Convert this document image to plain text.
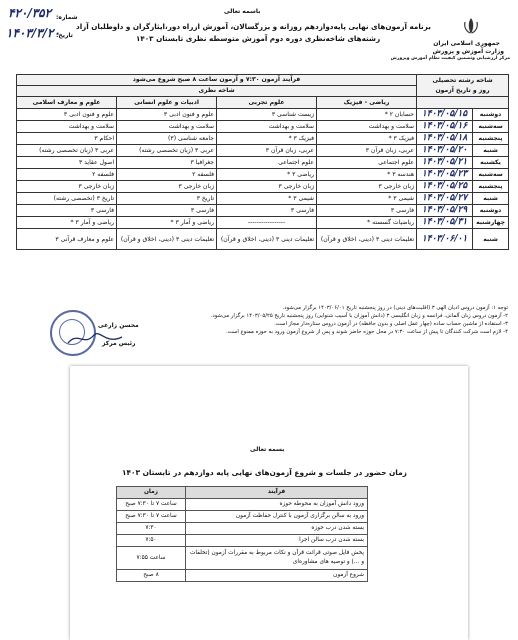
باسمه تعالی
جمهوری اسلامی ایران
وزارت آموزش و پرورش
مرکز ارزشیابی وتضمین کیفیت نظام آموزش وپرورش
شماره:
۴۲۰/۳۵۲
تاریخ:
۱۴۰۳/۳/۲۰ برنامه آزمون‌های نهایی پایه‌دوازدهم روزانه و بزرگسالان، آموزش ازراه دور،ایثارگران و داوطلبان آزاد
رشته‌های شاخه‌نظری دوره دوم آموزش متوسطه نظری تابستان ۱۴۰۳
شاخه رشته تحصیلی
روز و تاریخ آزمون		فرآیند آزمون ۷:۳۰ و آزمون ساعت ۸ صبح شروع می‌شود			
		شاخه نظری			
		ریاضی - فیزیک	علوم تجربی	ادبیات و علوم انسانی	علوم و معارف اسلامی
دوشنبه	۱۴۰۳/۰۵/۱۵	حسابان ۲ *	زیست شناسی ۳	علوم و فنون ادبی ۳	علوم و فنون ادبی ۳
سه‌شنبه	۱۴۰۳/۰۵/۱۶	سلامت و بهداشت	سلامت و بهداشت	سلامت و بهداشت	سلامت و بهداشت
پنجشنبه	۱۴۰۳/۰۵/۱۸	فیزیک ۳ *	فیزیک ۳ *	جامعه شناسی (۳)	احکام ۳
شنبه	۱۴۰۳/۰۵/۲۰	عربی، زبان قرآن ۳	عربی، زبان قرآن ۳	عربی ۳ (زبان تخصصی رشته)	عربی ۳ (زبان تخصصی رشته)
یکشنبه	۱۴۰۳/۰۵/۲۱	علوم اجتماعی	علوم اجتماعی	جغرافیا ۳	اصول عقاید ۳
سه‌شنبه	۱۴۰۳/۰۵/۲۳	هندسه ۳ *	ریاضی ۳ *	فلسفه ۲	فلسفه ۲
پنجشنبه	۱۴۰۳/۰۵/۲۵	زبان خارجی ۳	زبان خارجی ۳	زبان خارجی ۳	زبان خارجی ۳
شنبه	۱۴۰۳/۰۵/۲۷	شیمی ۳ *	شیمی ۳ *	تاریخ ۳	تاریخ ۳ (تخصصی رشته)
دوشنبه	۱۴۰۳/۰۵/۲۹	فارسی ۳	فارسی ۳	فارسی ۳	فارسی ۳
چهارشنبه	۱۴۰۳/۰۵/۳۱	ریاضیات گسسته *	-----------------	ریاضی و آمار ۳ *	ریاضی و آمار ۳ *
شنبه	۱۴۰۳/۰۶/۰۱	تعلیمات دینی ۳ (دینی، اخلاق و قرآن)	تعلیمات دینی ۳ (دینی، اخلاق و قرآن)	تعلیمات دینی ۳ (دینی، اخلاق و قرآن)	علوم و معارف قرآنی ۳
توجه ۱: آزمون دروس ادیان الهی ۳ (اقلیت‌های دینی) در روز پنجشنبه تاریخ ۱۴۰۳/۰۶/۰۱ برگزار می‌شود.
۲- آزمون دروس زبان آلمانی، فرانسه و زبان انگلیسی ۳ (دانش آموزان با آسیب شنوایی) روز پنجشنبه تاریخ ۱۴۰۳/۰۵/۲۵ برگزار می‌شود.
۳- استفاده از ماشین حساب ساده (چهار عمل اصلی و بدون حافظه) در آزمون دروس ستاره‌دار مجاز است.
۴- لازم است شرکت کنندگان تا پیش از ساعت ۷:۳۰ در محل حوزه حاضر شوند و پس از شروع آزمون ورود به حوزه ممنوع است.
محسن زارعی
رئیس مرکز
بسمه تعالی
زمان حضور در جلسات و شروع آزمون‌های نهایی پایه دوازدهم در تابستان ۱۴۰۳
فرآیند	زمان
ورود دانش آموزان به محوطه حوزه	ساعت ۷ تا ۷:۳۰ صبح
ورود به سالن برگزاری آزمون با کنترل حفاظت آزمون	ساعت ۷ تا ۷:۳۰ صبح
بسته شدن درب حوزه	۷:۳۰
بسته شدن درب سالن اجرا	۷:۵۰
پخش فایل صوتی قرائت قرآن و نکات مربوط به مقررات آزمون (تخلفات و ...) و توصیه های مشاوره‌ای	ساعت ۷:۵۵
شروع آزمون	۸ صبح
